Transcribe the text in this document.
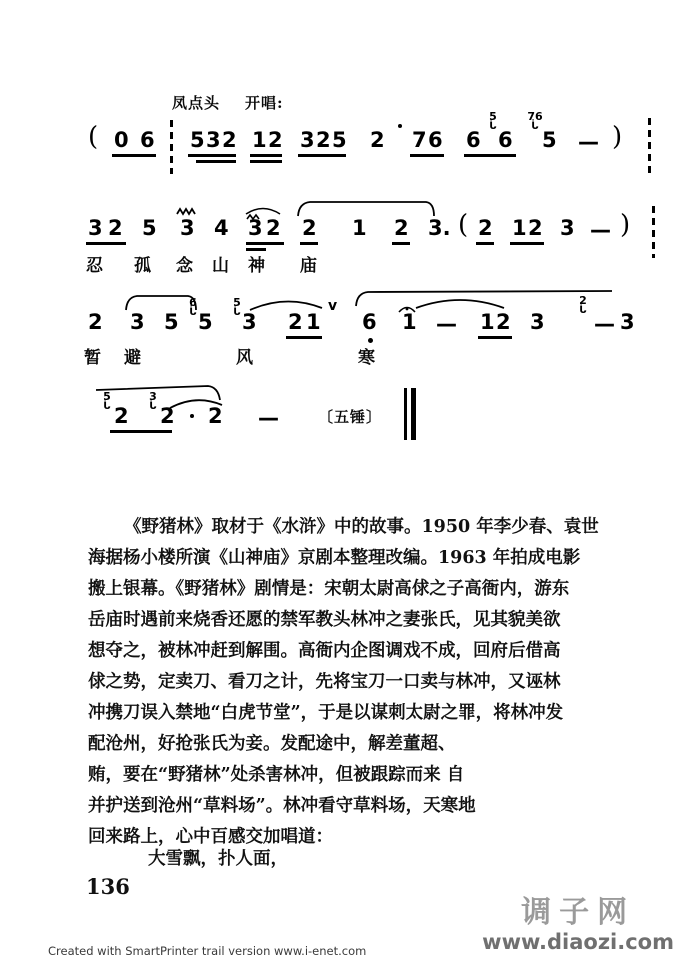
凤点头 开唱:
( 0 6 5 3 2 1 2 3 2 5 2 7 6 6
5
ᒑ
6
76
ᒑ
5 — )
3 2 5 3 4 3 2 2 1 2 3. ( 2 1 2 3 — )
忍 孤 念 山 神 庙
2 3 5
6
ᒑ 5
5
ᒑ 3 2 1
v
6 1 — 1 2 3
2
ᒑ
— 3
暂 避	风	寒
5
ᒑ 2
3
ᒑ 2 2 —	〔五锤〕

《野猪林》取材于《水浒》中的故事。1950 年李少春、袁世

海据杨小楼所演《山神庙》京剧本整理改编。1963 年拍成电影

搬上银幕。《野猪林》剧情是：宋朝太尉高俅之子高衙内，游东

岳庙时遇前来烧香还愿的禁军教头林冲之妻张氏，见其貌美欲

想夺之，被林冲赶到解围。高衙内企图调戏不成，回府后借高

俅之势，定卖刀、看刀之计，先将宝刀一口卖与林冲，又诬林

冲携刀误入禁地“白虎节堂”，于是以谋刺太尉之罪，将林冲发

配沧州，好抢张氏为妾。发配途中，解差董超、

贿，要在“野猪林”处杀害林冲，但被跟踪而来 自

并护送到沧州“草料场”。林冲看守草料场，天寒地

回来路上，心中百感交加唱道：

大雪飘，扑人面，
136
Created with SmartPrinter trail version www.i-enet.com
调子网
www.diaozi.com
